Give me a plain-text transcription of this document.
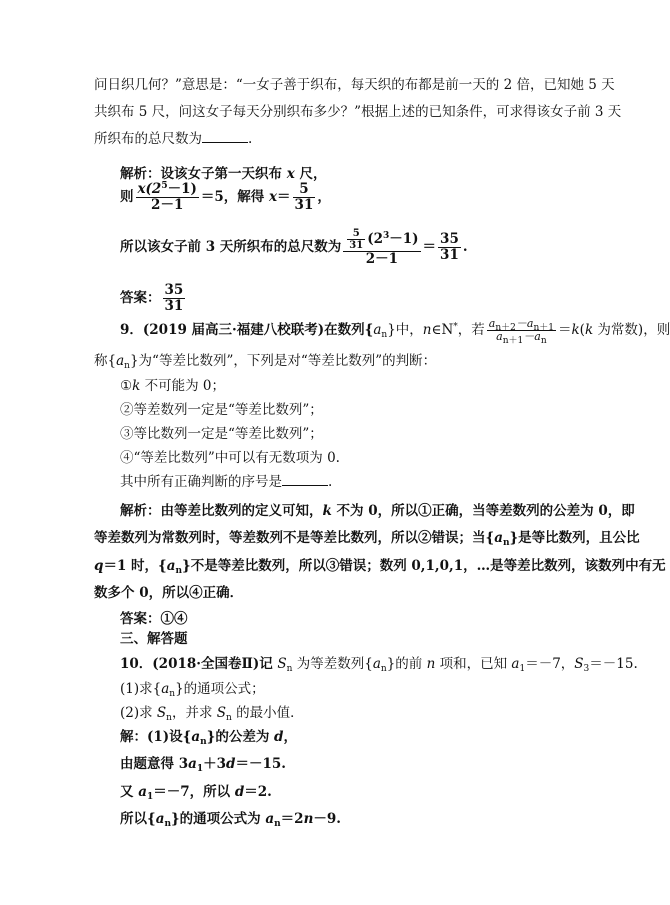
问日织几何？”意思是：“一女子善于织布，每天织的布都是前一天的 2 倍，已知她 5 天
共织布 5 尺，问这女子每天分别织布多少？”根据上述的已知条件，可求得该女子前 3 天
所织布的总尺数为	.
解析：设该女子第一天织布 x 尺，
则 $\frac{x(2^5-1)}{2-1} =5$，解得 $x= \frac{5}{31}$ ，
所以该女子前 3 天所织布的总尺数为 $\frac{\frac{5}{31} (2^3-1)}{2-1} = \frac{35}{31}$ .
答案： $\frac{35}{31}$
9．(2019 届高三·福建八校联考)在数列$\{a_n\}$中，n∈N*，若 $\frac{a_{n+2}-a_{n+1}}{a_{n+1}-a_n} =k(k$ 为常数)，则
称$\{a_n\}$为“等差比数列”，下列是对“等差比数列”的判断：
①k 不可能为 0；
②等差数列一定是“等差比数列”；
③等比数列一定是“等差比数列”；
④“等差比数列”中可以有无数项为 0.
其中所有正确判断的序号是	.
解析：由等差比数列的定义可知，k 不为 0，所以①正确，当等差数列的公差为 0，即
等差数列为常数列时，等差数列不是等差比数列，所以②错误；当$\{a_n\}$是等比数列，且公比
q＝1 时，$\{a_n\}$不是等差比数列，所以③错误；数列 0,1,0,1，…是等差比数列，该数列中有无
数多个 0，所以④正确．
答案：①④
三、解答题
10．(2018·全国卷Ⅱ)记 $S_n$ 为等差数列$\{a_n\}$的前 n 项和，已知 $a_1=-7$，$S_3=-15$.
(1)求$\{a_n\}$的通项公式；
(2)求 $S_n$，并求 $S_n$ 的最小值．
解：(1)设$\{a_n\}$的公差为 d，
由题意得 $3a_1+3d=-15$.
又 $a_1=-7$，所以 d＝2.
所以$\{a_n\}$的通项公式为 $a_n=2n-9$.
